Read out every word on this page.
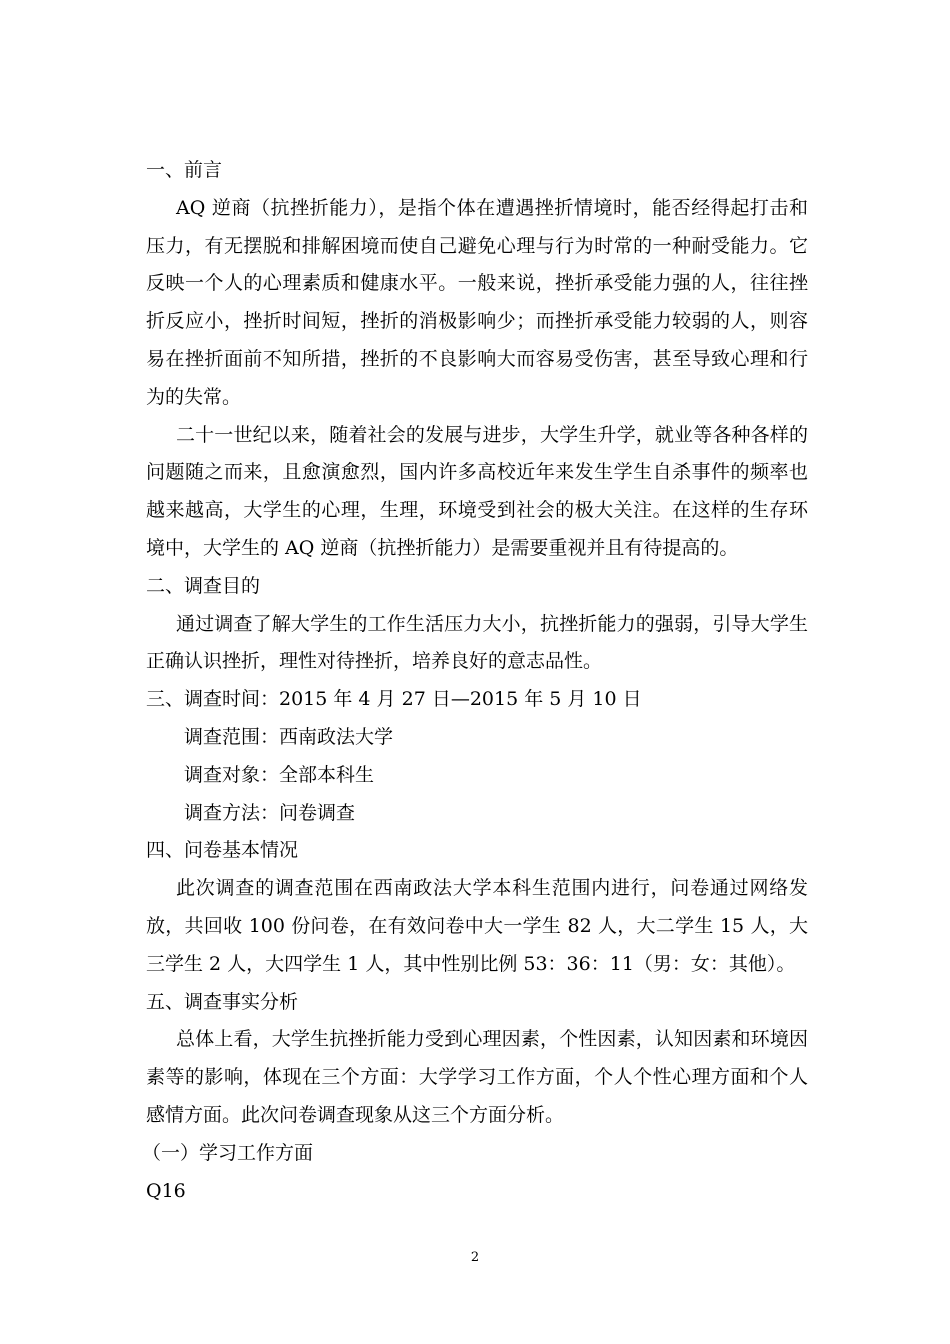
一、前言

AQ 逆商（抗挫折能力），是指个体在遭遇挫折情境时，能否经得起打击和压力，有无摆脱和排解困境而使自己避免心理与行为时常的一种耐受能力。它反映一个人的心理素质和健康水平。一般来说，挫折承受能力强的人，往往挫折反应小，挫折时间短，挫折的消极影响少；而挫折承受能力较弱的人，则容易在挫折面前不知所措，挫折的不良影响大而容易受伤害，甚至导致心理和行为的失常。

二十一世纪以来，随着社会的发展与进步，大学生升学，就业等各种各样的问题随之而来，且愈演愈烈，国内许多高校近年来发生学生自杀事件的频率也越来越高，大学生的心理，生理，环境受到社会的极大关注。在这样的生存环境中，大学生的 AQ 逆商（抗挫折能力）是需要重视并且有待提高的。

二、调查目的

通过调查了解大学生的工作生活压力大小，抗挫折能力的强弱，引导大学生正确认识挫折，理性对待挫折，培养良好的意志品性。

三、调查时间：2015 年 4 月 27 日—2015 年 5 月 10 日

调查范围：西南政法大学

调查对象：全部本科生

调查方法：问卷调查

四、问卷基本情况

此次调查的调查范围在西南政法大学本科生范围内进行，问卷通过网络发放，共回收 100 份问卷，在有效问卷中大一学生 82 人，大二学生 15 人，大三学生 2 人，大四学生 1 人，其中性别比例 53：36：11（男：女：其他）。

五、调查事实分析

总体上看，大学生抗挫折能力受到心理因素，个性因素，认知因素和环境因素等的影响，体现在三个方面：大学学习工作方面，个人个性心理方面和个人感情方面。此次问卷调查现象从这三个方面分析。

（一）学习工作方面

Q16

2
